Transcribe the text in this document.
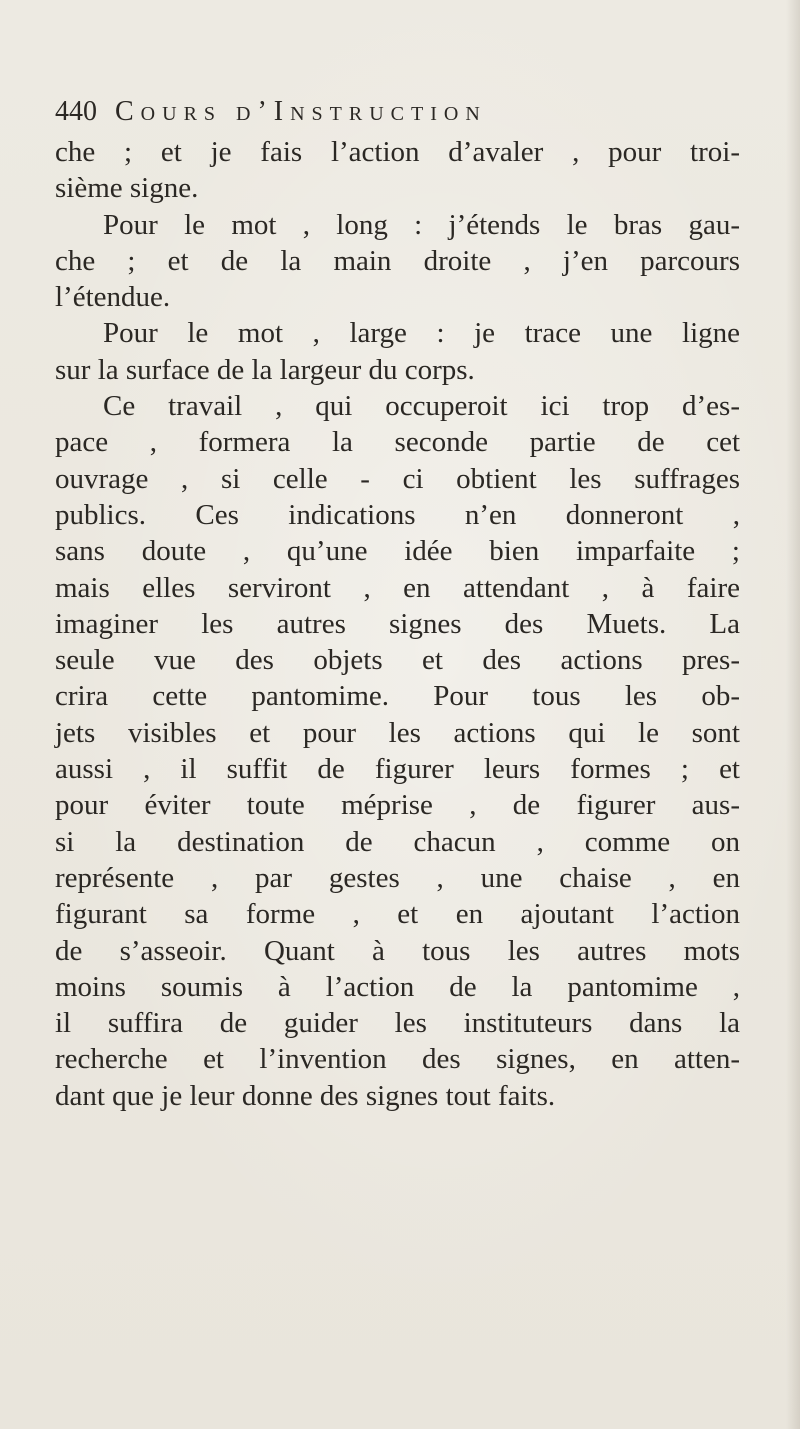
440 Cours d’Instruction
che ; et je fais l’action d’avaler , pour troi-
sième signe.
Pour le mot , long : j’étends le bras gau-
che ; et de la main droite , j’en parcours
l’étendue.
Pour le mot , large : je trace une ligne
sur la surface de la largeur du corps.
Ce travail , qui occuperoit ici trop d’es-
pace , formera la seconde partie de cet
ouvrage , si celle - ci obtient les suffrages
publics. Ces indications n’en donneront ,
sans doute , qu’une idée bien imparfaite ;
mais elles serviront , en attendant , à faire
imaginer les autres signes des Muets. La
seule vue des objets et des actions pres-
crira cette pantomime. Pour tous les ob-
jets visibles et pour les actions qui le sont
aussi , il suffit de figurer leurs formes ; et
pour éviter toute méprise , de figurer aus-
si la destination de chacun , comme on
représente , par gestes , une chaise , en
figurant sa forme , et en ajoutant l’action
de s’asseoir. Quant à tous les autres mots
moins soumis à l’action de la pantomime ,
il suffira de guider les instituteurs dans la
recherche et l’invention des signes, en atten-
dant que je leur donne des signes tout faits.
